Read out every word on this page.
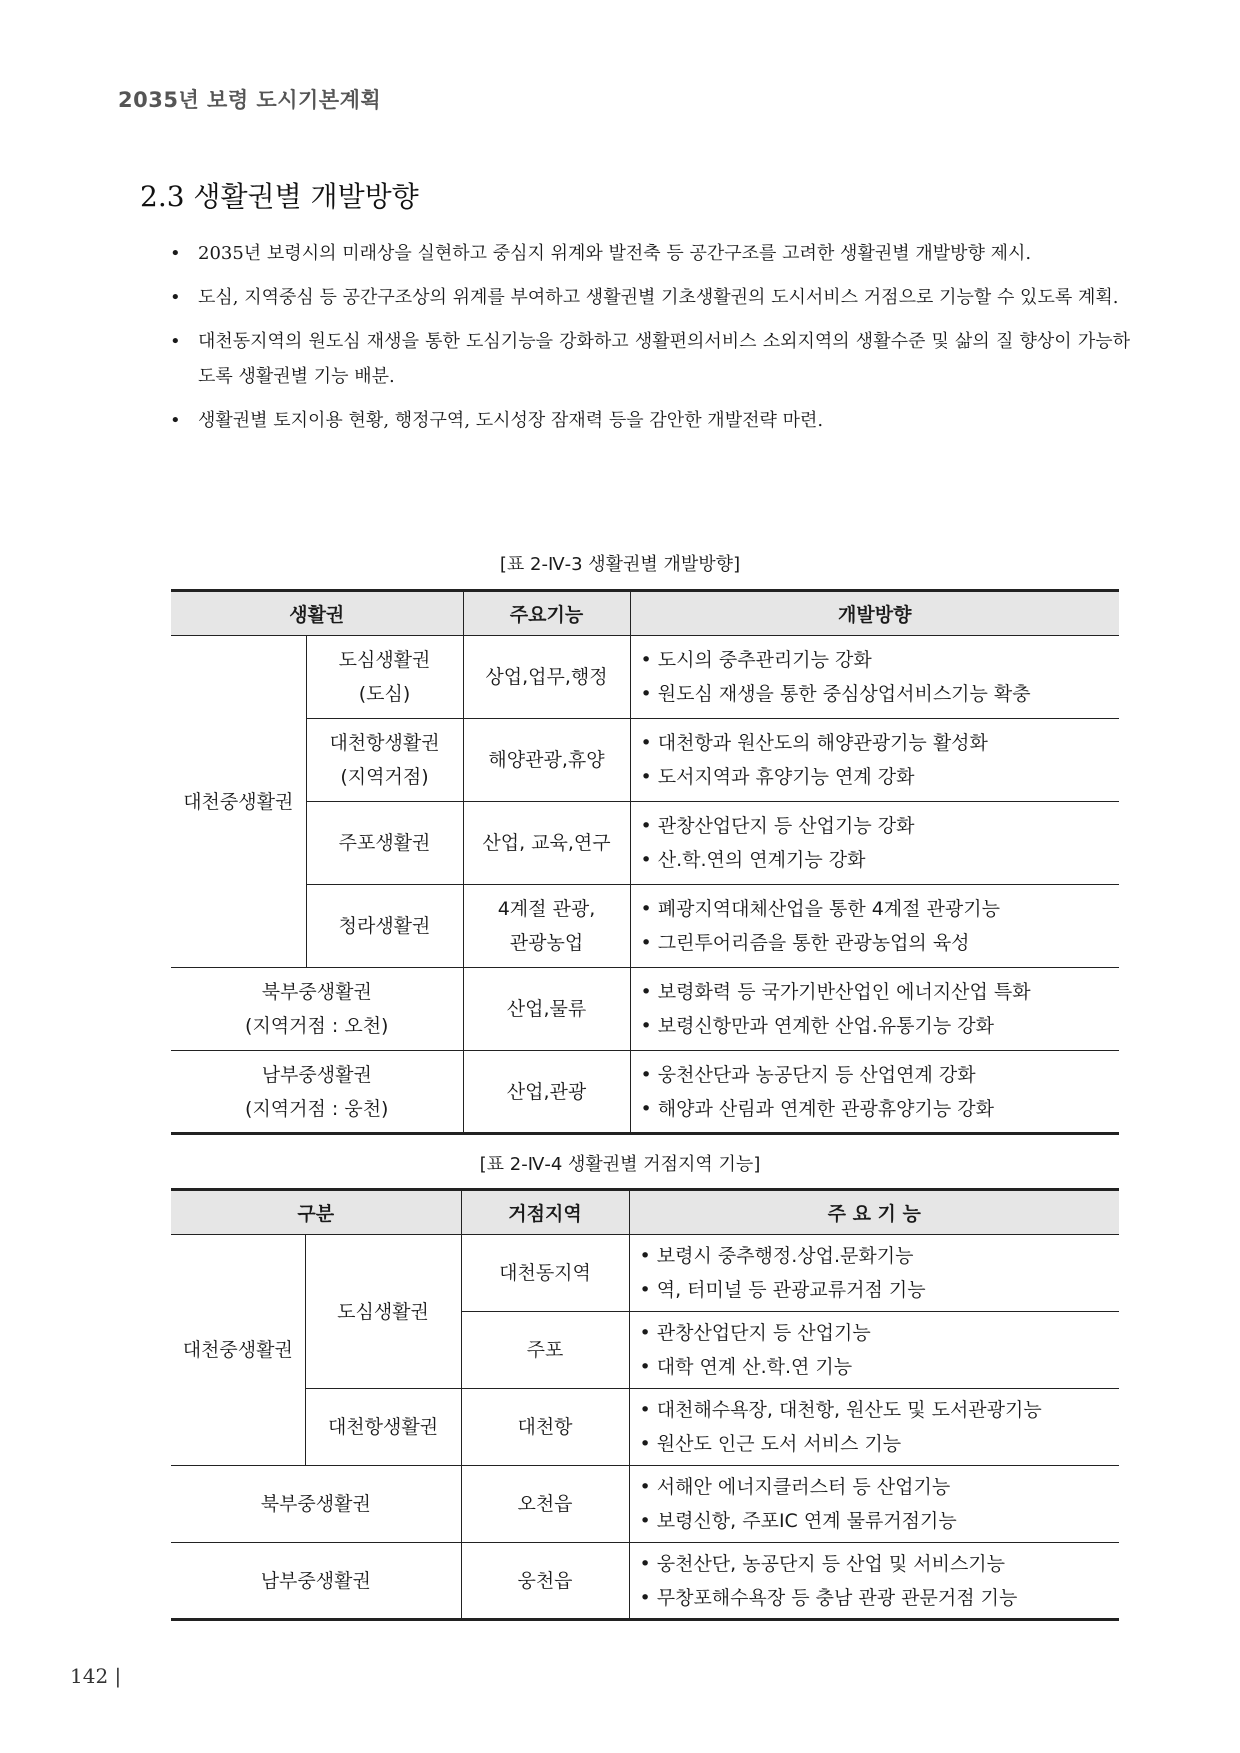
2035년 보령 도시기본계획
2.3 생활권별 개발방향
• 2035년 보령시의 미래상을 실현하고 중심지 위계와 발전축 등 공간구조를 고려한 생활권별 개발방향 제시.
• 도심, 지역중심 등 공간구조상의 위계를 부여하고 생활권별 기초생활권의 도시서비스 거점으로 기능할 수 있도록 계획.
• 대천동지역의 원도심 재생을 통한 도심기능을 강화하고 생활편의서비스 소외지역의 생활수준 및 삶의 질 향상이 가능하도록 생활권별 기능 배분.
• 생활권별 토지이용 현황, 행정구역, 도시성장 잠재력 등을 감안한 개발전략 마련.
[표 2-Ⅳ-3 생활권별 개발방향]
생활권		주요기능	개발방향
대천중생활권	도심생활권
(도심)	상업,업무,행정	• 도시의 중추관리기능 강화
• 원도심 재생을 통한 중심상업서비스기능 확충

	대천항생활권
(지역거점)	해양관광,휴양	• 대천항과 원산도의 해양관광기능 활성화
• 도서지역과 휴양기능 연계 강화

	주포생활권	산업, 교육,연구	• 관창산업단지 등 산업기능 강화
• 산.학.연의 연계기능 강화

	청라생활권	4계절 관광,
관광농업	• 폐광지역대체산업을 통한 4계절 관광기능
• 그린투어리즘을 통한 관광농업의 육성

북부중생활권
(지역거점 : 오천)		산업,물류	• 보령화력 등 국가기반산업인 에너지산업 특화
• 보령신항만과 연계한 산업.유통기능 강화

남부중생활권
(지역거점 : 웅천)		산업,관광	• 웅천산단과 농공단지 등 산업연계 강화
• 해양과 산림과 연계한 관광휴양기능 강화
[표 2-Ⅳ-4 생활권별 거점지역 기능]
구분		거점지역	주 요 기 능
대천중생활권	도심생활권	대천동지역	• 보령시 중추행정.상업.문화기능
• 역, 터미널 등 관광교류거점 기능

		주포	• 관창산업단지 등 산업기능
• 대학 연계 산.학.연 기능

	대천항생활권	대천항	• 대천해수욕장, 대천항, 원산도 및 도서관광기능
• 원산도 인근 도서 서비스 기능

북부중생활권		오천읍	• 서해안 에너지클러스터 등 산업기능
• 보령신항, 주포IC 연계 물류거점기능

남부중생활권		웅천읍	• 웅천산단, 농공단지 등 산업 및 서비스기능
• 무창포해수욕장 등 충남 관광 관문거점 기능
142 |
